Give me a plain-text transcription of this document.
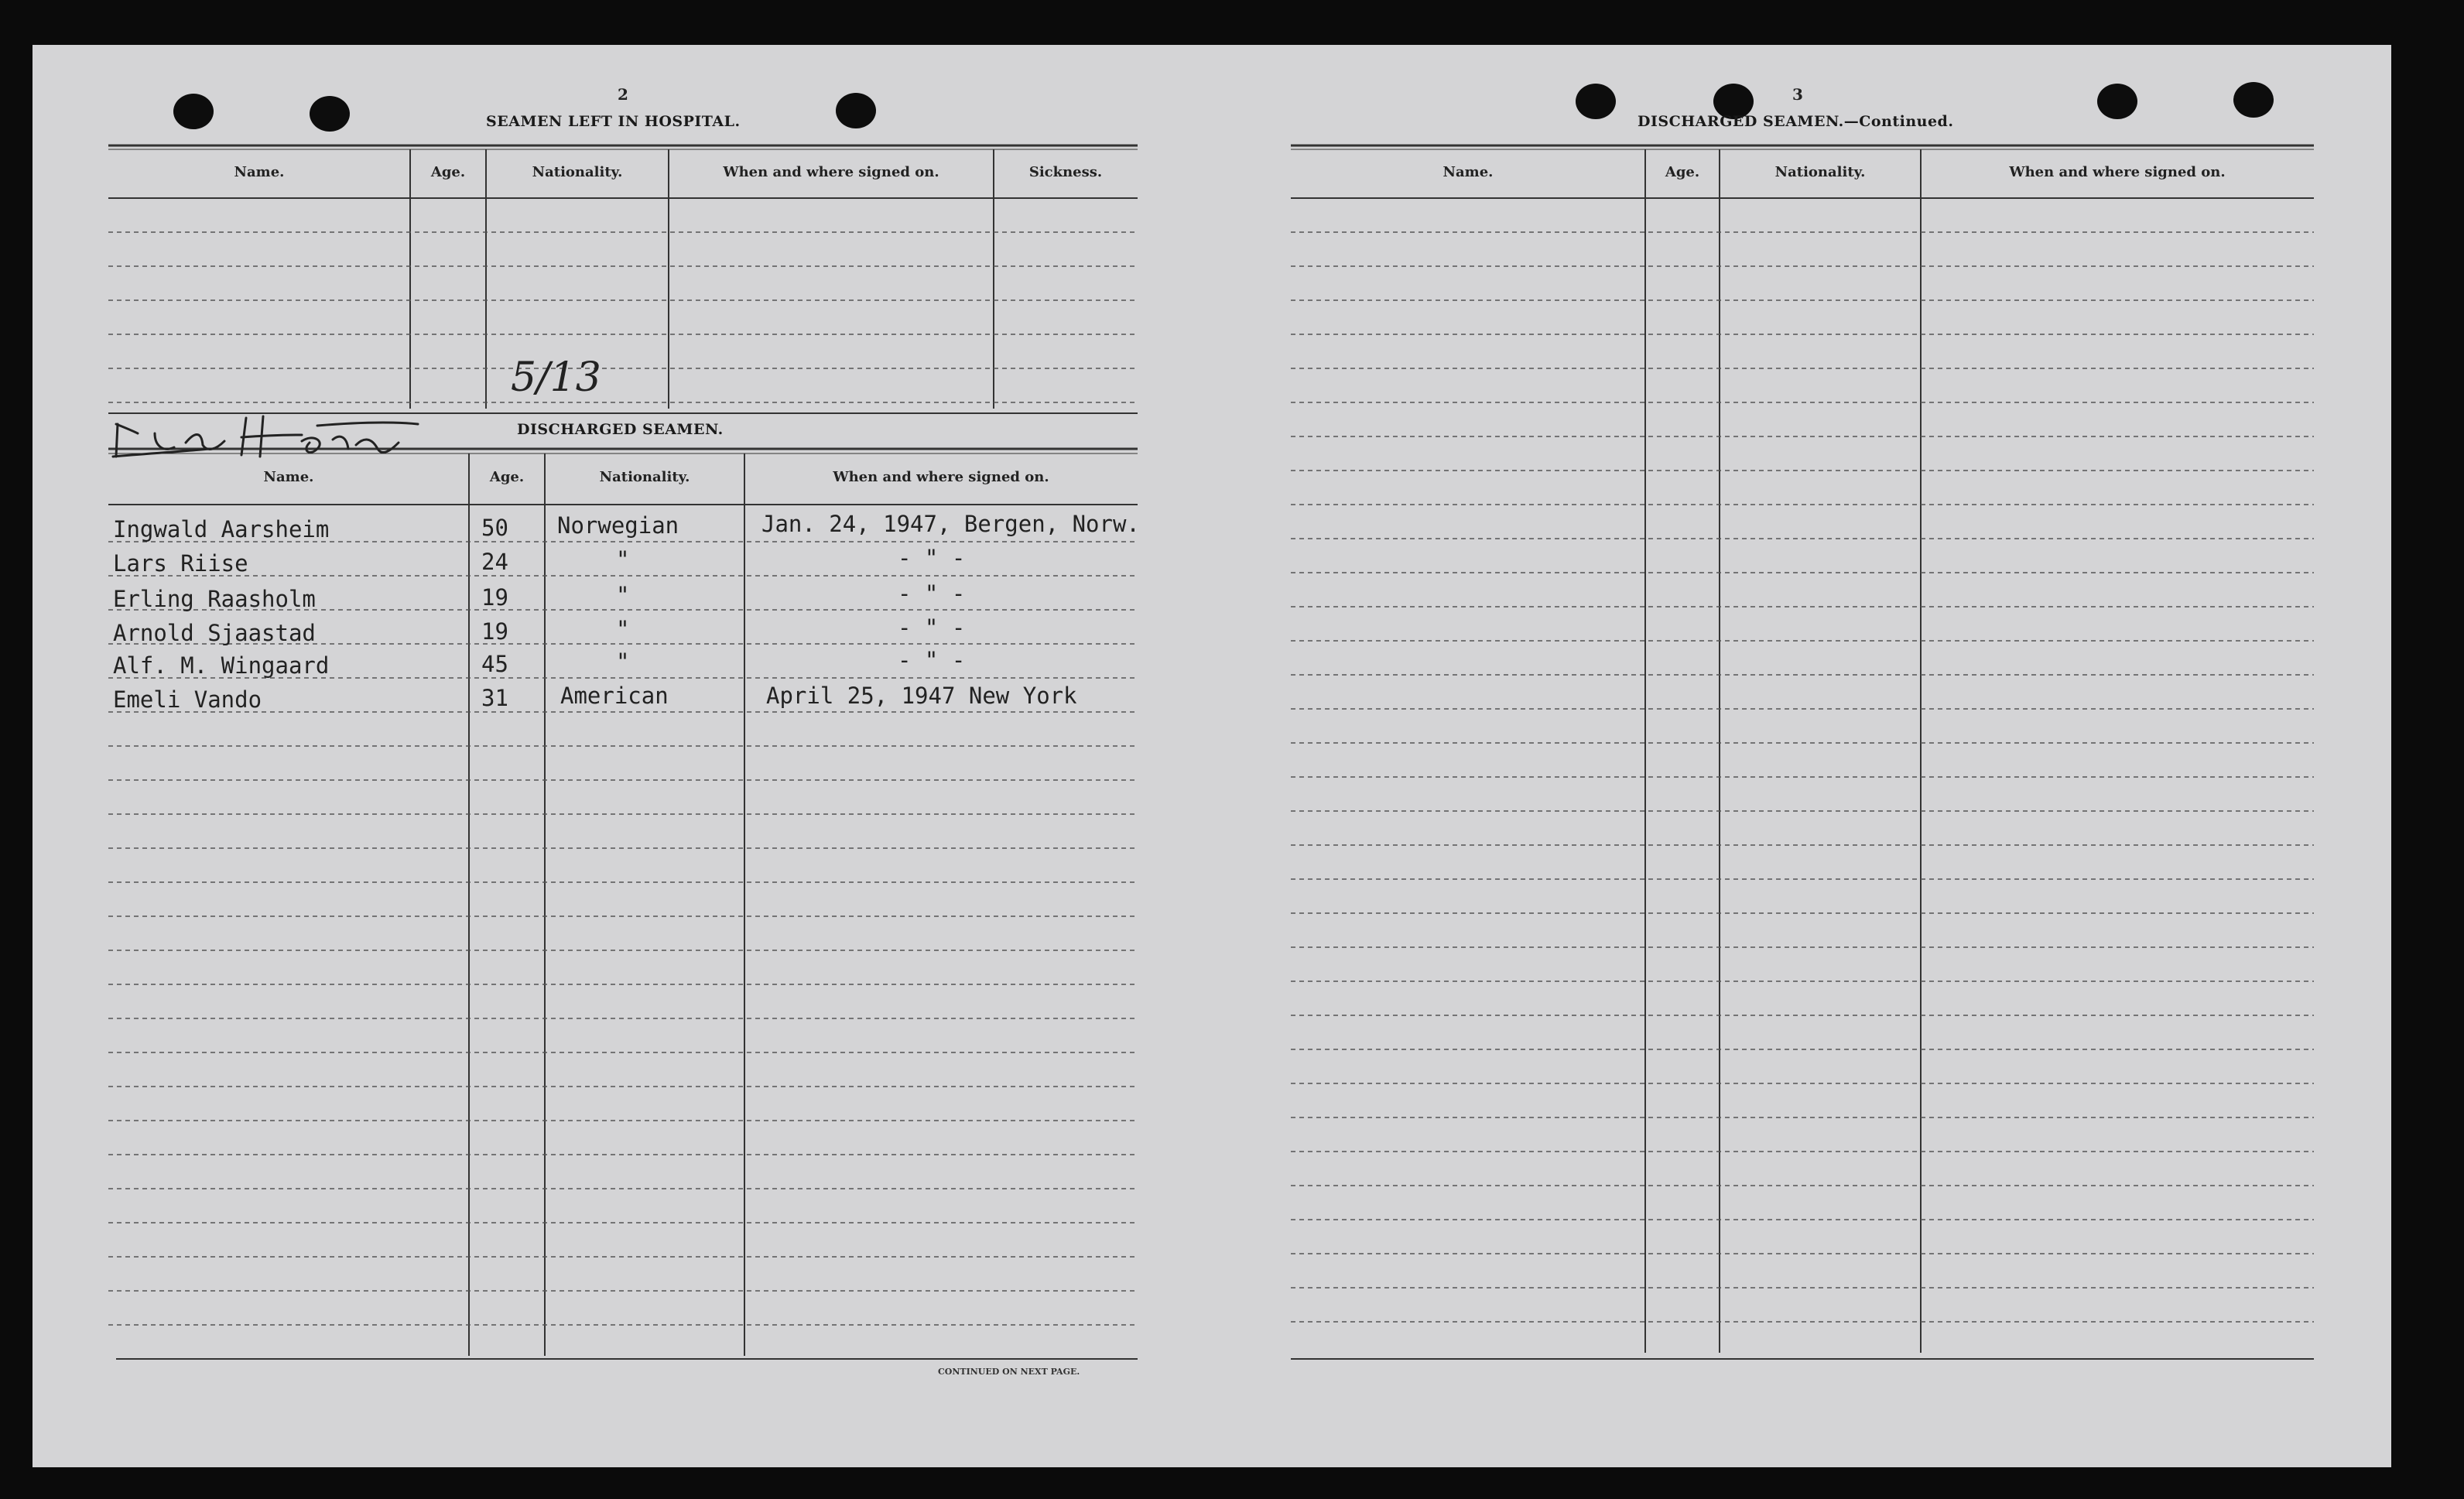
2
SEAMEN LEFT IN HOSPITAL.
Name.	Age.	Nationality.	When and where signed on.	Sickness.
5/13
DISCHARGED SEAMEN.
Name.	Age.	Nationality.	When and where signed on.
Ingwald Aarsheim	50 Norwegian	Jan. 24, 1947, Bergen, Norw.
Lars Riise	24	"	- " -
Erling Raasholm	19	"	- " -
Arnold Sjaastad	19	"	- " -
Alf. M. Wingaard	45	"	- " -
Emeli Vando	31 American	April 25, 1947 New York
CONTINUED ON NEXT PAGE.
3
DISCHARGED SEAMEN.—Continued.
Name.	Age.	Nationality.	When and where signed on.
